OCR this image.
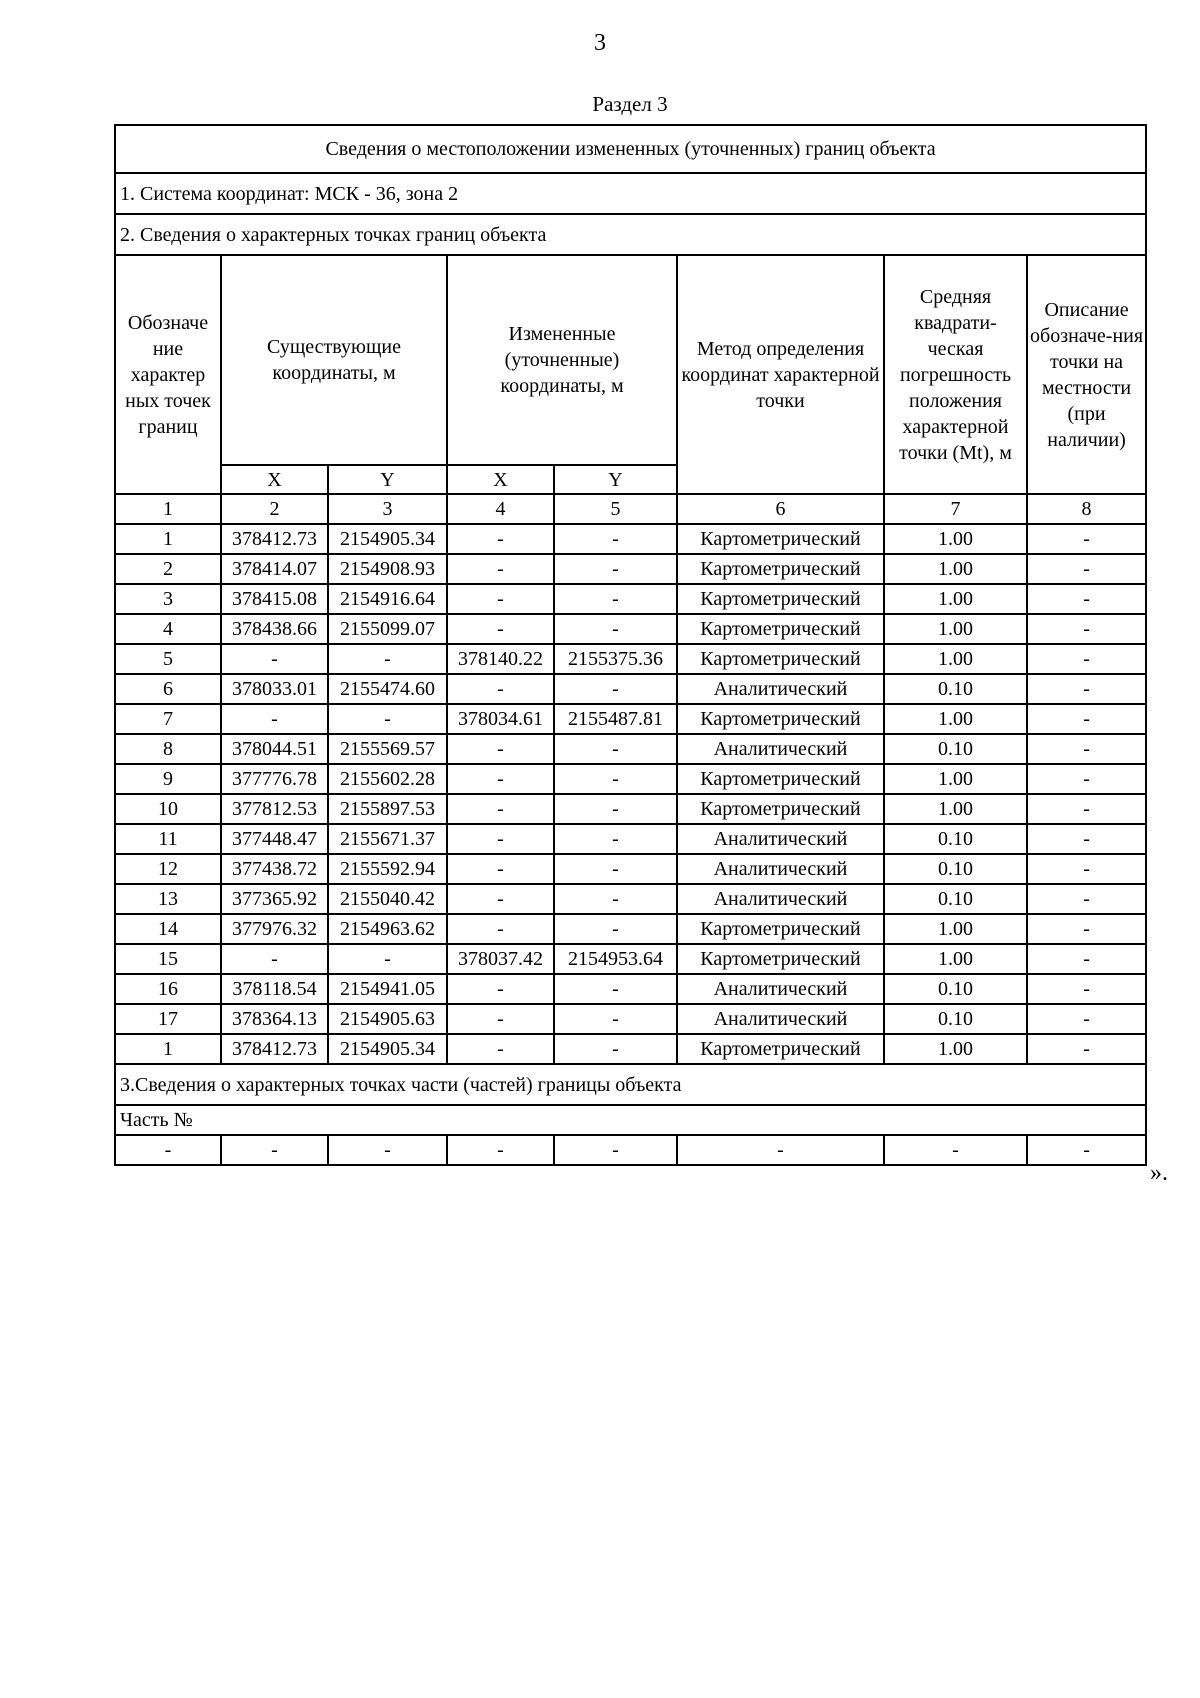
3
Раздел 3
Сведения о местоположении измененных (уточненных) границ объекта							
1. Система координат: МСК - 36, зона 2							
2. Сведения о характерных точках границ объекта							
Обозначе ние характер ных точек границ	Существующие координаты, м		Измененные (уточненные) координаты, м		Метод определения координат характерной точки	Средняя квадрати-ческая погрешность положения характерной точки (Mt), м	Описание обозначе-ния точки на местности (при наличии)
	X	Y	X	Y			
1	2	3	4	5	6	7	8
1	378412.73	2154905.34	-	-	Картометрический	1.00	-
2	378414.07	2154908.93	-	-	Картометрический	1.00	-
3	378415.08	2154916.64	-	-	Картометрический	1.00	-
4	378438.66	2155099.07	-	-	Картометрический	1.00	-
5	-	-	378140.22	2155375.36	Картометрический	1.00	-
6	378033.01	2155474.60	-	-	Аналитический	0.10	-
7	-	-	378034.61	2155487.81	Картометрический	1.00	-
8	378044.51	2155569.57	-	-	Аналитический	0.10	-
9	377776.78	2155602.28	-	-	Картометрический	1.00	-
10	377812.53	2155897.53	-	-	Картометрический	1.00	-
11	377448.47	2155671.37	-	-	Аналитический	0.10	-
12	377438.72	2155592.94	-	-	Аналитический	0.10	-
13	377365.92	2155040.42	-	-	Аналитический	0.10	-
14	377976.32	2154963.62	-	-	Картометрический	1.00	-
15	-	-	378037.42	2154953.64	Картометрический	1.00	-
16	378118.54	2154941.05	-	-	Аналитический	0.10	-
17	378364.13	2154905.63	-	-	Аналитический	0.10	-
1	378412.73	2154905.34	-	-	Картометрический	1.00	-
3.Сведения о характерных точках части (частей) границы объекта							
Часть №							
-	-	-	-	-	-	-	-
».
